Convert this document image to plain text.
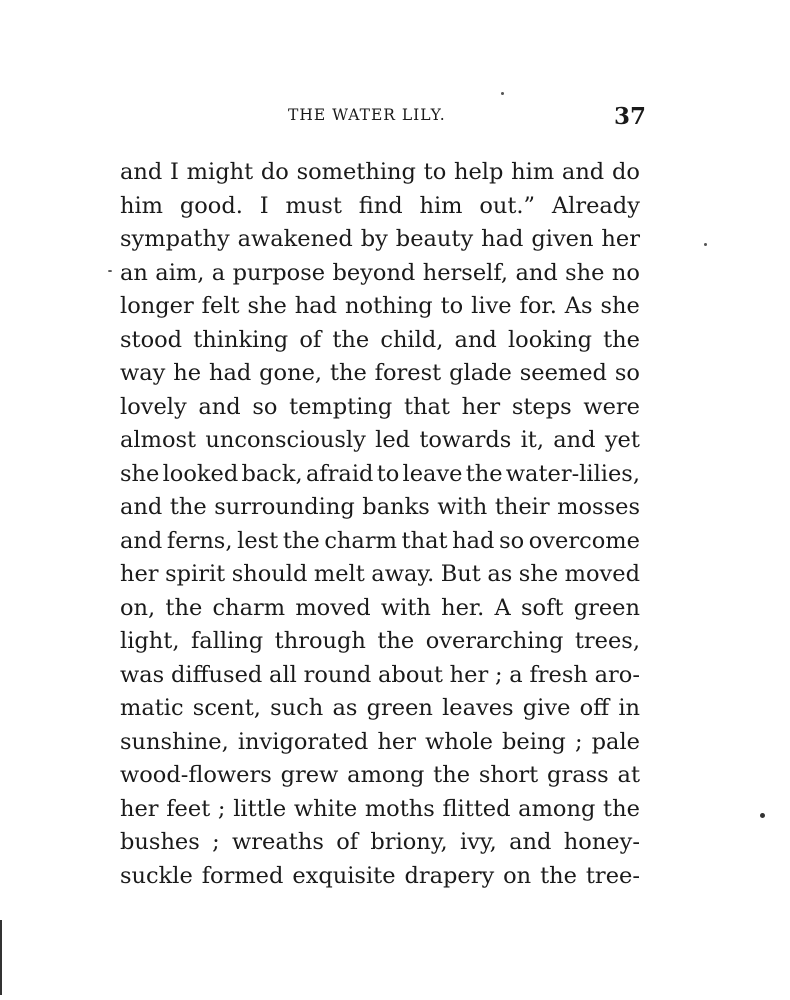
THE WATER LILY.	37
and I might do something to help him and do
him good. I must find him out.” Already
sympathy awakened by beauty had given her
an aim, a purpose beyond herself, and she no
longer felt she had nothing to live for. As she
stood thinking of the child, and looking the
way he had gone, the forest glade seemed so
lovely and so tempting that her steps were
almost unconsciously led towards it, and yet
she looked back, afraid to leave the water-lilies,
and the surrounding banks with their mosses
and ferns, lest the charm that had so overcome
her spirit should melt away. But as she moved
on, the charm moved with her. A soft green
light, falling through the overarching trees,
was diffused all round about her ; a fresh aro-
matic scent, such as green leaves give off in
sunshine, invigorated her whole being ; pale
wood-flowers grew among the short grass at
her feet ; little white moths flitted among the
bushes ; wreaths of briony, ivy, and honey-
suckle formed exquisite drapery on the tree-
